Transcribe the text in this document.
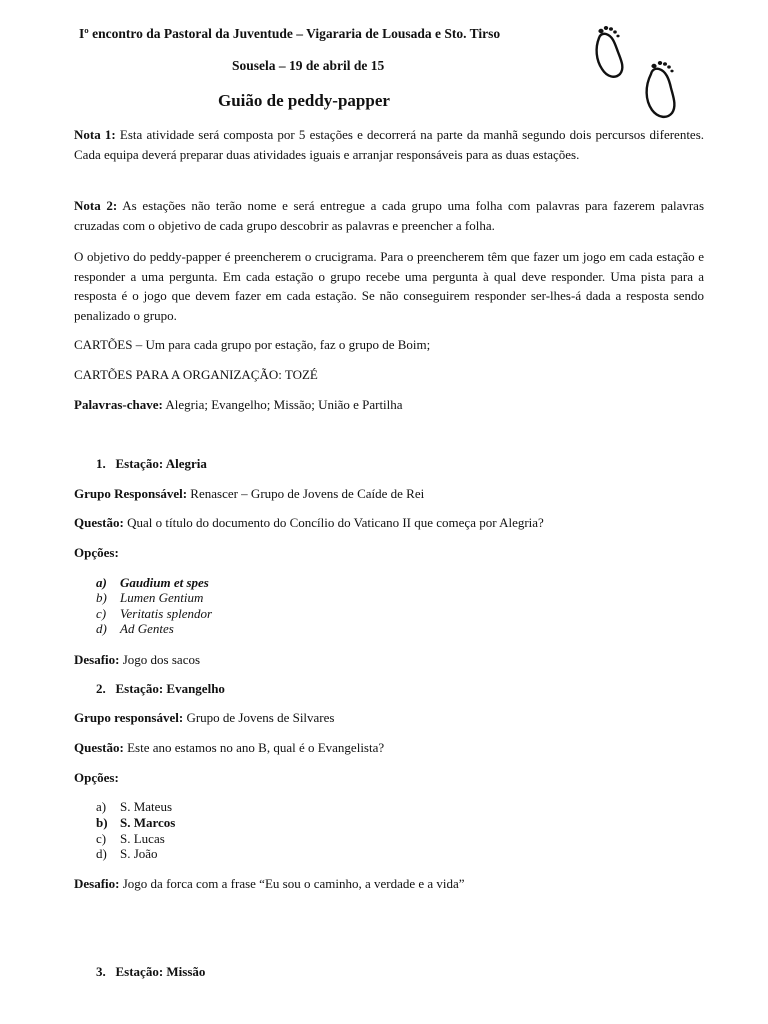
Iº encontro da Pastoral da Juventude – Vigararia de Lousada e Sto. Tirso
Sousela – 19 de abril de 15
Guião de peddy-papper
Nota 1: Esta atividade será composta por 5 estações e decorrerá na parte da manhã segundo dois percursos diferentes. Cada equipa deverá preparar duas atividades iguais e arranjar responsáveis para as duas estações.
Nota 2: As estações não terão nome e será entregue a cada grupo uma folha com palavras para fazerem palavras cruzadas com o objetivo de cada grupo descobrir as palavras e preencher a folha.
O objetivo do peddy-papper é preencherem o crucigrama. Para o preencherem têm que fazer um jogo em cada estação e responder a uma pergunta. Em cada estação o grupo recebe uma pergunta à qual deve responder. Uma pista para a resposta é o jogo que devem fazer em cada estação. Se não conseguirem responder ser-lhes-á dada a resposta sendo penalizado o grupo.
CARTÕES – Um para cada grupo por estação, faz o grupo de Boim;
CARTÕES PARA A ORGANIZAÇÃO: TOZÉ
Palavras-chave: Alegria; Evangelho; Missão; União e Partilha
1. Estação: Alegria
Grupo Responsável: Renascer – Grupo de Jovens de Caíde de Rei
Questão: Qual o título do documento do Concílio do Vaticano II que começa por Alegria?
Opções:
a) Gaudium et spes
b) Lumen Gentium
c) Veritatis splendor
d) Ad Gentes
Desafio: Jogo dos sacos
2. Estação: Evangelho
Grupo responsável: Grupo de Jovens de Silvares
Questão: Este ano estamos no ano B, qual é o Evangelista?
Opções:
a) S. Mateus
b) S. Marcos
c) S. Lucas
d) S. João
Desafio: Jogo da forca com a frase “Eu sou o caminho, a verdade e a vida”
3. Estação: Missão
